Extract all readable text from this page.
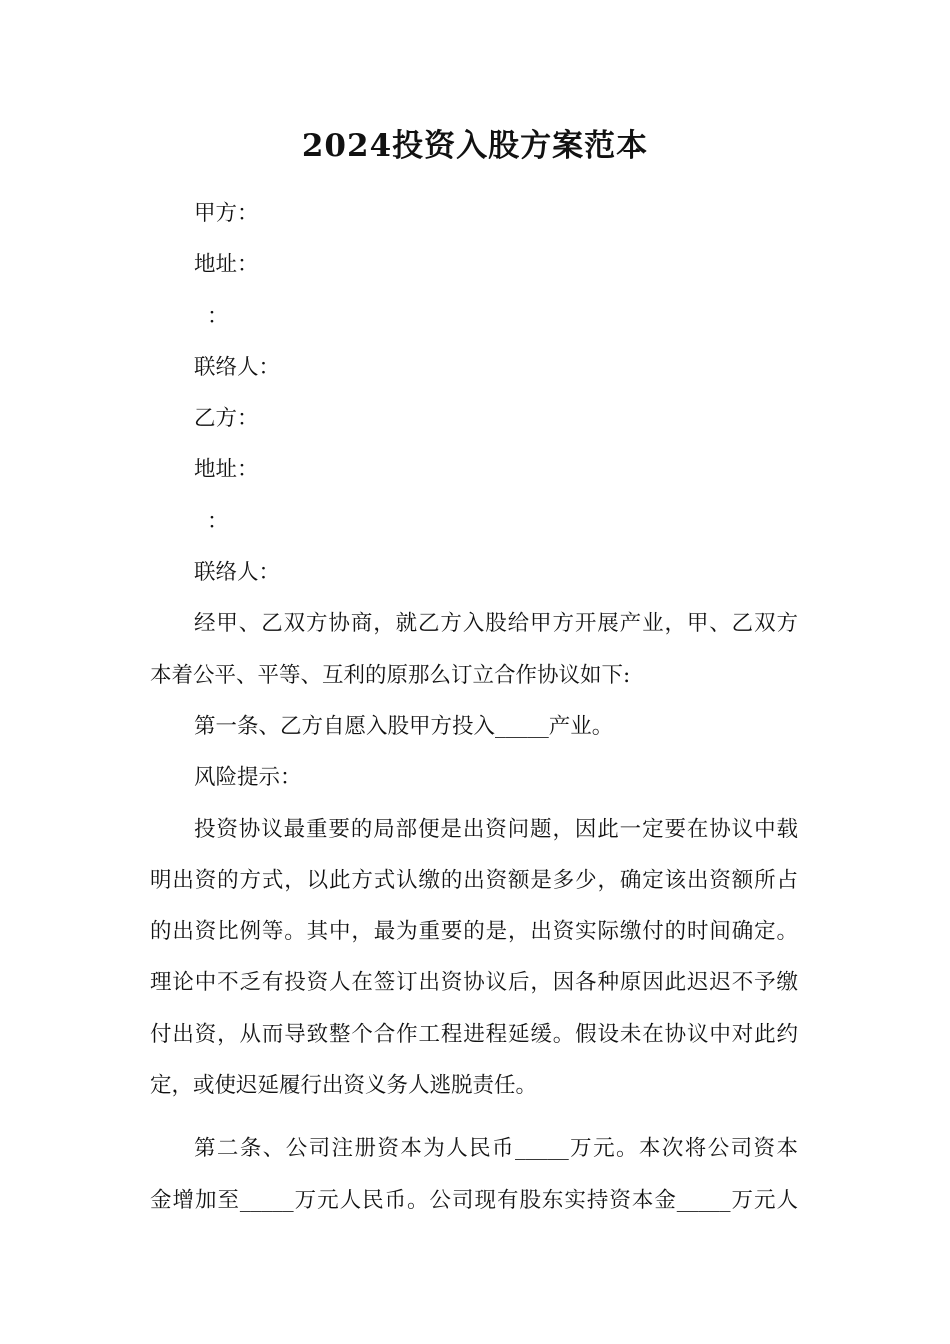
2024投资入股方案范本
甲方：
地址：
：
联络人：
乙方：
地址：
：
联络人：
经甲、乙双方协商，就乙方入股给甲方开展产业，甲、乙双方
本着公平、平等、互利的原那么订立合作协议如下:
第一条、乙方自愿入股甲方投入_____产业。
风险提示：
投资协议最重要的局部便是出资问题，因此一定要在协议中载
明出资的方式，以此方式认缴的出资额是多少，确定该出资额所占
的出资比例等。其中，最为重要的是，出资实际缴付的时间确定。
理论中不乏有投资人在签订出资协议后，因各种原因此迟迟不予缴
付出资，从而导致整个合作工程进程延缓。假设未在协议中对此约
定，或使迟延履行出资义务人逃脱责任。
第二条、公司注册资本为人民币_____万元。本次将公司资本
金增加至_____万元人民币。公司现有股东实持资本金_____万元人
